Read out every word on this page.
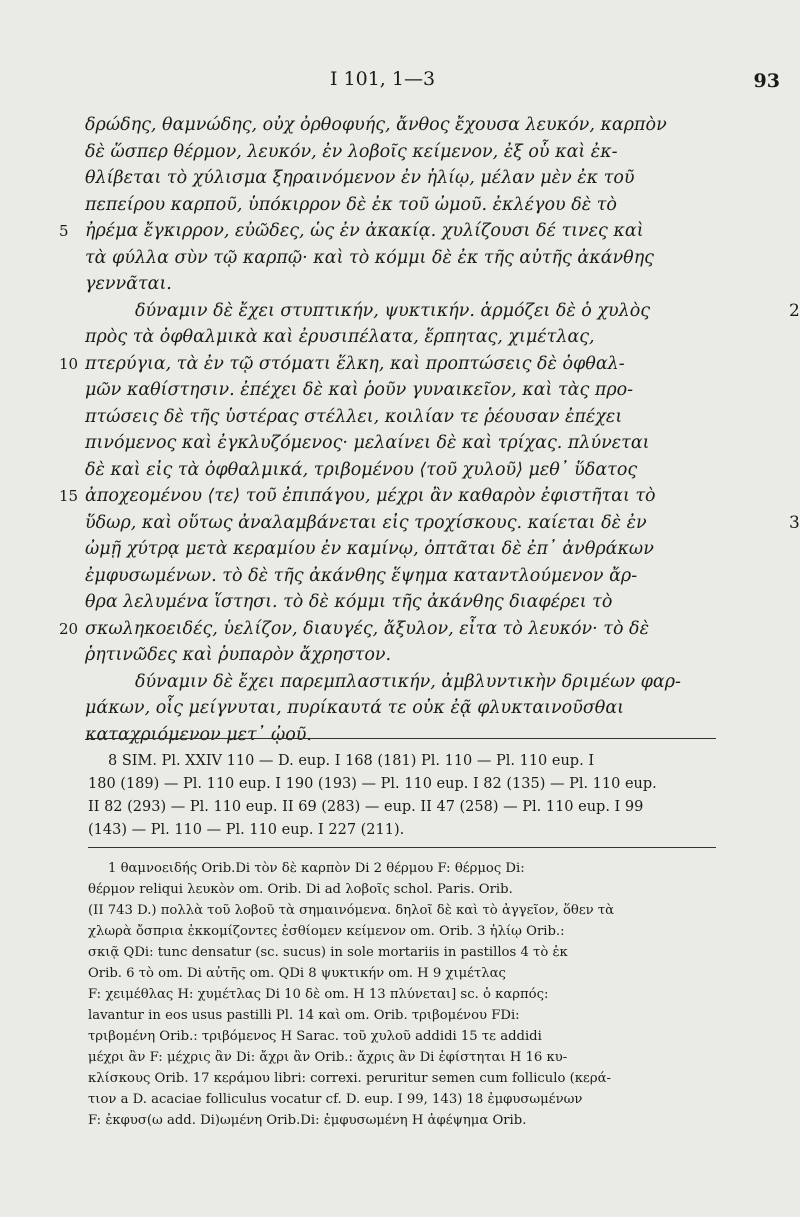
I 101, 1—3	93
δρώδης, θαμνώδης, οὐχ ὀρθοφυής, ἄνθος ἔχουσα λευκόν, καρπὸν
δὲ ὥσπερ θέρμον, λευκόν, ἐν λοβοῖς κείμενον, ἐξ οὗ καὶ ἐκ-
θλίβεται τὸ χύλισμα ξηραινόμενον ἐν ἡλίῳ, μέλαν μὲν ἐκ τοῦ
πεπείρου καρποῦ, ὑπόκιρρον δὲ ἐκ τοῦ ὠμοῦ. ἐκλέγου δὲ τὸ
5 ἠρέμα ἔγκιρρον, εὐῶδες, ὡς ἐν ἀκακίᾳ. χυλίζουσι δέ τινες καὶ
τὰ φύλλα σὺν τῷ καρπῷ· καὶ τὸ κόμμι δὲ ἐκ τῆς αὐτῆς ἀκάνθης
γεννᾶται.
δύναμιν δὲ ἔχει στυπτικήν, ψυκτικήν. ἁρμόζει δὲ ὁ χυλὸς	2
πρὸς τὰ ὀφθαλμικὰ καὶ ἐρυσιπέλατα, ἕρπητας, χιμέτλας,
10 πτερύγια, τὰ ἐν τῷ στόματι ἕλκη, καὶ προπτώσεις δὲ ὀφθαλ-
μῶν καθίστησιν. ἐπέχει δὲ καὶ ῥοῦν γυναικεῖον, καὶ τὰς προ-
πτώσεις δὲ τῆς ὑστέρας στέλλει, κοιλίαν τε ῥέουσαν ἐπέχει
πινόμενος καὶ ἐγκλυζόμενος· μελαίνει δὲ καὶ τρίχας. πλύνεται
δὲ καὶ εἰς τὰ ὀφθαλμικά, τριβομένου ⟨τοῦ χυλοῦ⟩ μεθ᾽ ὕδατος
15 ἀποχεομένου ⟨τε⟩ τοῦ ἐπιπάγου, μέχρι ἂν καθαρὸν ἐφιστῆται τὸ
ὕδωρ, καὶ οὕτως ἀναλαμβάνεται εἰς τροχίσκους. καίεται δὲ ἐν	3
ὠμῇ χύτρᾳ μετὰ κεραμίου ἐν καμίνῳ, ὀπτᾶται δὲ ἐπ᾽ ἀνθράκων
ἐμφυσωμένων. τὸ δὲ τῆς ἀκάνθης ἕψημα καταντλούμενον ἄρ-
θρα λελυμένα ἵστησι. τὸ δὲ κόμμι τῆς ἀκάνθης διαφέρει τὸ
20 σκωληκοειδές, ὑελίζον, διαυγές, ἄξυλον, εἶτα τὸ λευκόν· τὸ δὲ
ῥητινῶδες καὶ ῥυπαρὸν ἄχρηστον.
δύναμιν δὲ ἔχει παρεμπλαστικήν, ἀμβλυντικὴν δριμέων φαρ-
μάκων, οἷς μείγνυται, πυρίκαυτά τε οὐκ ἐᾷ φλυκταινοῦσθαι
καταχριόμενον μετ᾽ ᾠοῦ.
8 SIM. Pl. XXIV 110 — D. eup. I 168 (181) Pl. 110 — Pl. 110 eup. I
180 (189) — Pl. 110 eup. I 190 (193) — Pl. 110 eup. I 82 (135) — Pl. 110 eup.
II 82 (293) — Pl. 110 eup. II 69 (283) — eup. II 47 (258) — Pl. 110 eup. I 99
(143) — Pl. 110 — Pl. 110 eup. I 227 (211).
1 θαμνοειδής Orib.Di τὸν δὲ καρπὸν Di 2 θέρμου F: θέρμος Di:
θέρμον reliqui λευκὸν om. Orib. Di ad λοβοῖς schol. Paris. Orib.
(II 743 D.) πολλὰ τοῦ λοβοῦ τὰ σημαινόμενα. δηλοῖ δὲ καὶ τὸ ἀγγεῖον, ὅθεν τὰ
χλωρὰ ὄσπρια ἐκκομίζοντες ἐσθίομεν κείμενον om. Orib. 3 ἡλίῳ Orib.:
σκιᾷ QDi: tunc densatur (sc. sucus) in sole mortariis in pastillos 4 τὸ ἐκ
Orib. 6 τὸ om. Di αὐτῆς om. QDi 8 ψυκτικήν om. H 9 χιμέτλας
F: χειμέθλας H: χυμέτλας Di 10 δὲ om. H 13 πλύνεται] sc. ὁ καρπός:
lavantur in eos usus pastilli Pl. 14 καὶ om. Orib. τριβομένου FDi:
τριβομένη Orib.: τριβόμενος H Sarac. τοῦ χυλοῦ addidi 15 τε addidi
μέχρι ἂν F: μέχρις ἂν Di: ἄχρι ἂν Orib.: ἄχρις ἂν Di ἐφίστηται H 16 κυ-
κλίσκους Orib. 17 κεράμου libri: correxi. peruritur semen cum folliculo (κερά-
τιον a D. acaciae folliculus vocatur cf. D. eup. I 99, 143) 18 ἐμφυσωμένων
F: ἐκφυσ(ω add. Di)ωμένη Orib.Di: ἐμφυσωμένη H ἀφέψημα Orib.
